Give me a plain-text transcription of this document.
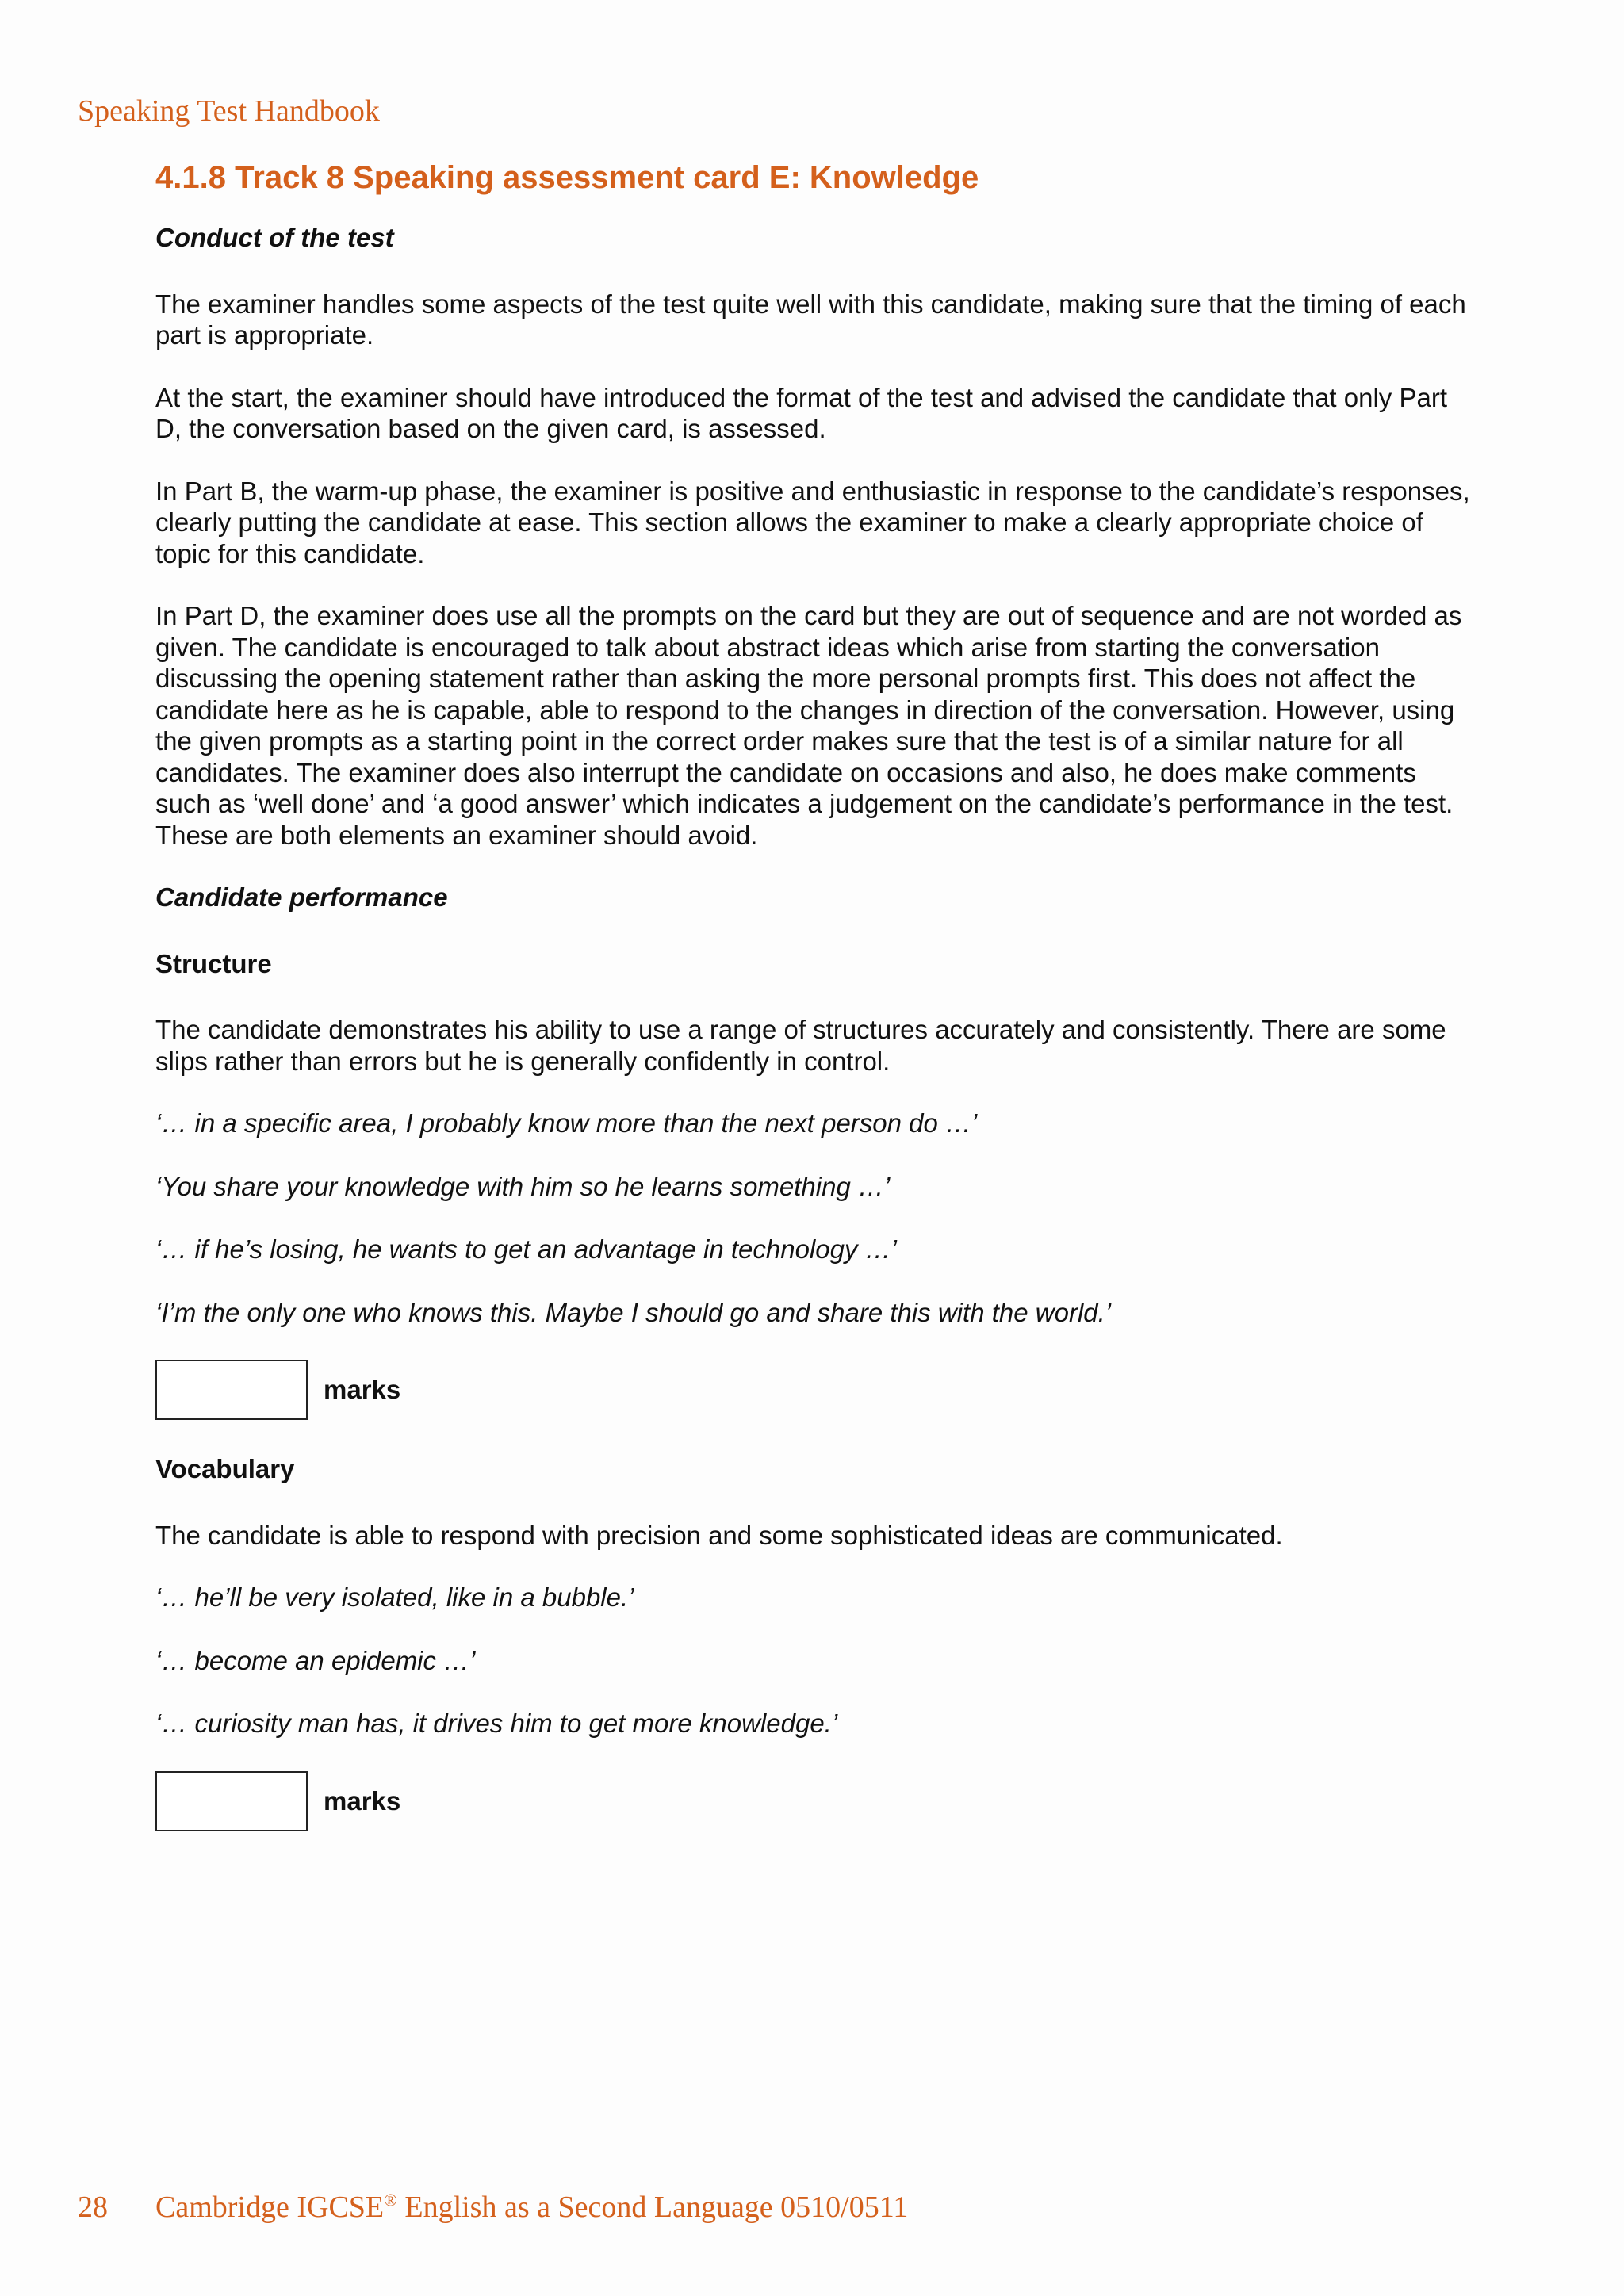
Speaking Test Handbook
4.1.8 Track 8 Speaking assessment card E: Knowledge
Conduct of the test

The examiner handles some aspects of the test quite well with this candidate, making sure that the timing of each part is appropriate.

At the start, the examiner should have introduced the format of the test and advised the candidate that only Part D, the conversation based on the given card, is assessed.

In Part B, the warm-up phase, the examiner is positive and enthusiastic in response to the candidate’s responses, clearly putting the candidate at ease. This section allows the examiner to make a clearly appropriate choice of topic for this candidate.

In Part D, the examiner does use all the prompts on the card but they are out of sequence and are not worded as given. The candidate is encouraged to talk about abstract ideas which arise from starting the conversation discussing the opening statement rather than asking the more personal prompts first. This does not affect the candidate here as he is capable, able to respond to the changes in direction of the conversation. However, using the given prompts as a starting point in the correct order makes sure that the test is of a similar nature for all candidates. The examiner does also interrupt the candidate on occasions and also, he does make comments such as ‘well done’ and ‘a good answer’ which indicates a judgement on the candidate’s performance in the test. These are both elements an examiner should avoid.

Candidate performance
Structure

The candidate demonstrates his ability to use a range of structures accurately and consistently. There are some slips rather than errors but he is generally confidently in control.

‘… in a specific area, I probably know more than the next person do …’

‘You share your knowledge with him so he learns something …’

‘… if he’s losing, he wants to get an advantage in technology …’

‘I’m the only one who knows this. Maybe I should go and share this with the world.’

marks
Vocabulary

The candidate is able to respond with precision and some sophisticated ideas are communicated.

‘… he’ll be very isolated, like in a bubble.’

‘… become an epidemic …’

‘… curiosity man has, it drives him to get more knowledge.’

marks
28 Cambridge IGCSE® English as a Second Language 0510/0511
